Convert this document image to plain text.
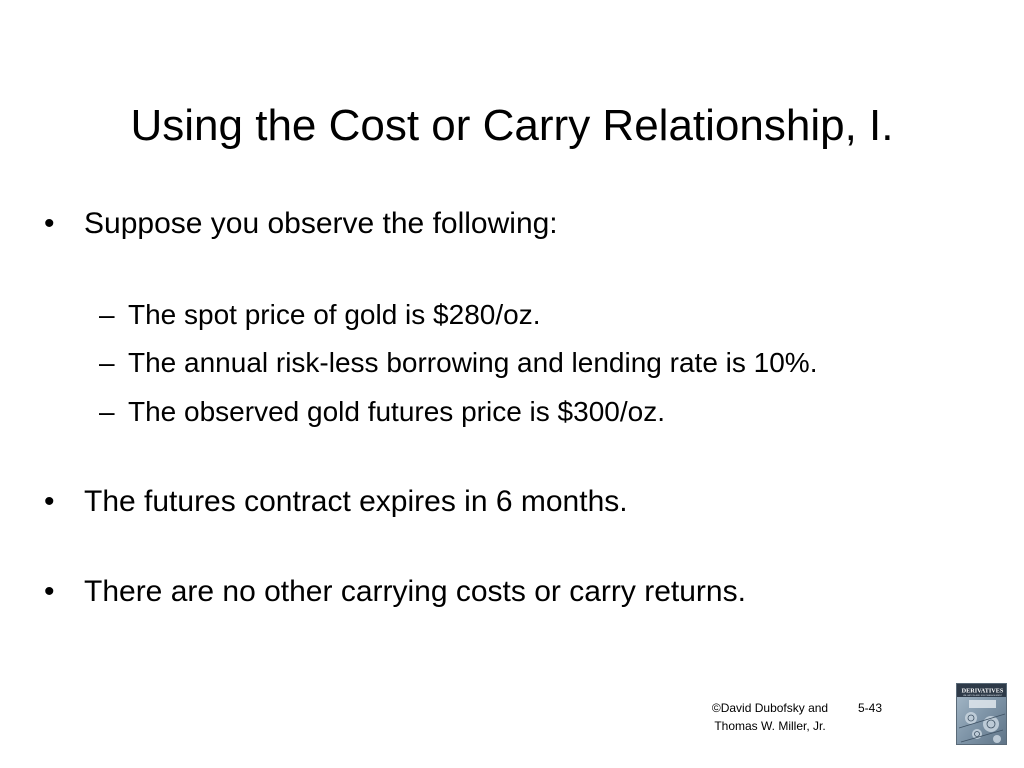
Using the Cost or Carry Relationship, I.
• Suppose you observe the following:
– The spot price of gold is $280/oz.
– The annual risk-less borrowing and lending rate is 10%.
– The observed gold futures price is $300/oz.
• The futures contract expires in 6 months.
• There are no other carrying costs or carry returns.
©David Dubofsky and
Thomas W. Miller, Jr.
5-43
DERIVATIVES
VALUATION AND RISK MANAGEMENT
